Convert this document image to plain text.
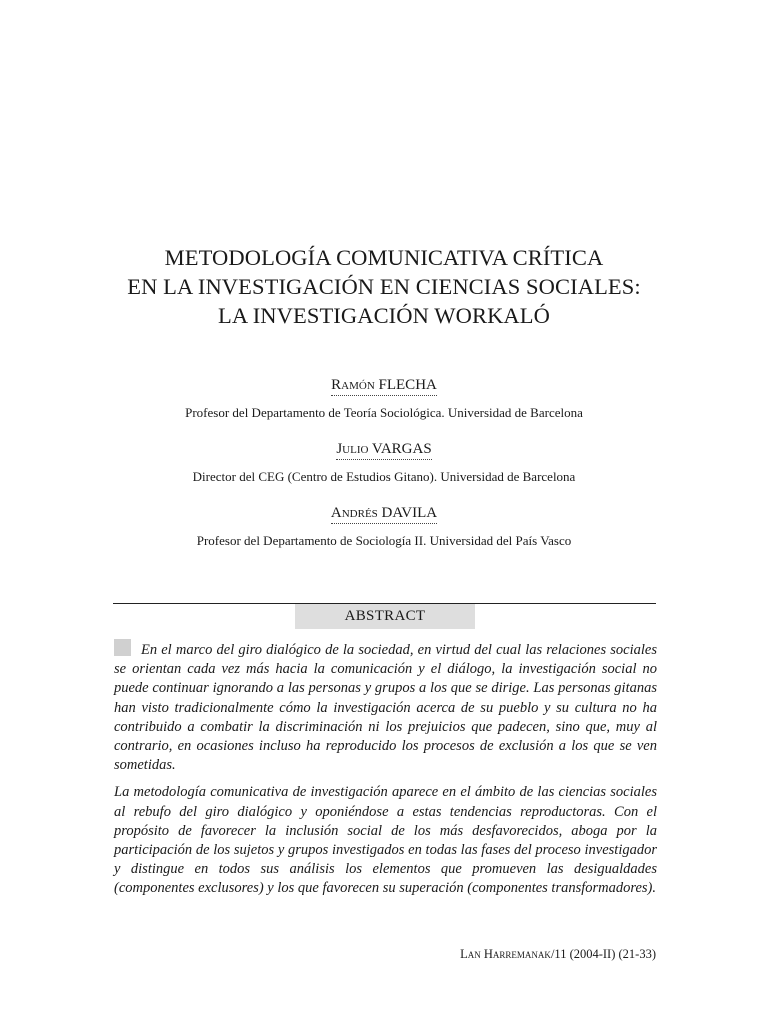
METODOLOGÍA COMUNICATIVA CRÍTICA
EN LA INVESTIGACIÓN EN CIENCIAS SOCIALES:
LA INVESTIGACIÓN WORKALÓ
Ramón FLECHA
Profesor del Departamento de Teoría Sociológica. Universidad de Barcelona
Julio VARGAS
Director del CEG (Centro de Estudios Gitano). Universidad de Barcelona
Andrés DAVILA
Profesor del Departamento de Sociología II. Universidad del País Vasco
ABSTRACT

En el marco del giro dialógico de la sociedad, en virtud del cual las relaciones sociales se orientan cada vez más hacia la comunicación y el diálogo, la investigación social no puede continuar ignorando a las personas y grupos a los que se dirige. Las personas gitanas han visto tradicionalmente cómo la investigación acerca de su pueblo y su cultura no ha contribuido a combatir la discriminación ni los prejuicios que padecen, sino que, muy al contrario, en ocasiones incluso ha reproducido los procesos de exclusión a los que se ven sometidas.

La metodología comunicativa de investigación aparece en el ámbito de las ciencias sociales al rebufo del giro dialógico y oponiéndose a estas tendencias reproductoras. Con el propósito de favorecer la inclusión social de los más desfavorecidos, aboga por la participación de los sujetos y grupos investigados en todas las fases del proceso investigador y distingue en todos sus análisis los elementos que promueven las desigualdades (componentes exclusores) y los que favorecen su superación (componentes transformadores).

Lan Harremanak/11 (2004-II) (21-33)
